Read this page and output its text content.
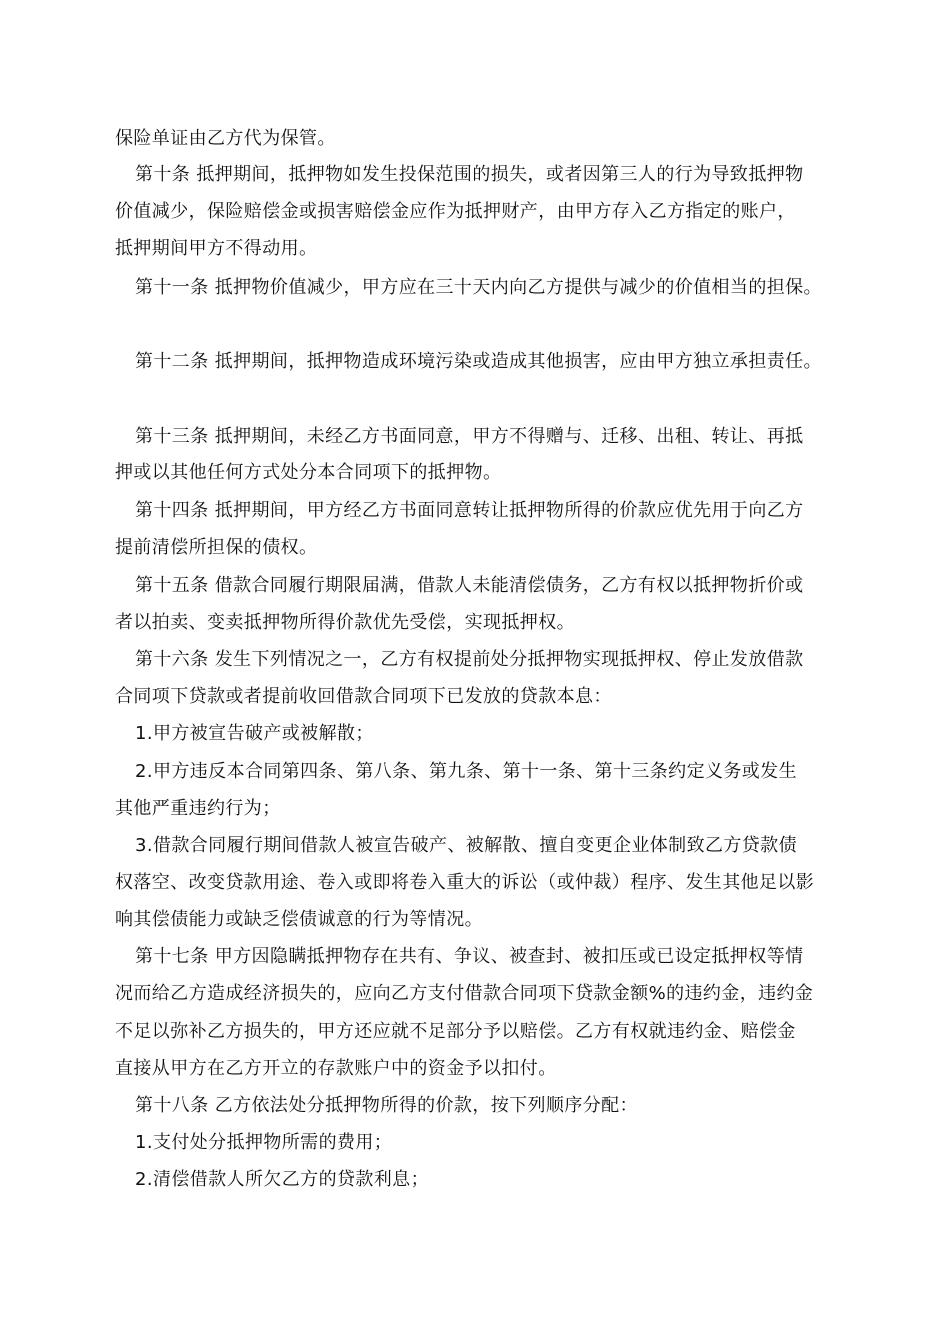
保险单证由乙方代为保管。
第十条 抵押期间，抵押物如发生投保范围的损失，或者因第三人的行为导致抵押物
价值减少，保险赔偿金或损害赔偿金应作为抵押财产，由甲方存入乙方指定的账户，
抵押期间甲方不得动用。
第十一条 抵押物价值减少，甲方应在三十天内向乙方提供与减少的价值相当的担保。
第十二条 抵押期间，抵押物造成环境污染或造成其他损害，应由甲方独立承担责任。
第十三条 抵押期间，未经乙方书面同意，甲方不得赠与、迁移、出租、转让、再抵
押或以其他任何方式处分本合同项下的抵押物。
第十四条 抵押期间，甲方经乙方书面同意转让抵押物所得的价款应优先用于向乙方
提前清偿所担保的债权。
第十五条 借款合同履行期限届满，借款人未能清偿债务，乙方有权以抵押物折价或
者以拍卖、变卖抵押物所得价款优先受偿，实现抵押权。
第十六条 发生下列情况之一，乙方有权提前处分抵押物实现抵押权、停止发放借款
合同项下贷款或者提前收回借款合同项下已发放的贷款本息：
1.甲方被宣告破产或被解散；
2.甲方违反本合同第四条、第八条、第九条、第十一条、第十三条约定义务或发生
其他严重违约行为；
3.借款合同履行期间借款人被宣告破产、被解散、擅自变更企业体制致乙方贷款债
权落空、改变贷款用途、卷入或即将卷入重大的诉讼（或仲裁）程序、发生其他足以影
响其偿债能力或缺乏偿债诚意的行为等情况。
第十七条 甲方因隐瞒抵押物存在共有、争议、被查封、被扣压或已设定抵押权等情
况而给乙方造成经济损失的，应向乙方支付借款合同项下贷款金额%的违约金，违约金
不足以弥补乙方损失的，甲方还应就不足部分予以赔偿。乙方有权就违约金、赔偿金
直接从甲方在乙方开立的存款账户中的资金予以扣付。
第十八条 乙方依法处分抵押物所得的价款，按下列顺序分配：
1.支付处分抵押物所需的费用；
2.清偿借款人所欠乙方的贷款利息；
